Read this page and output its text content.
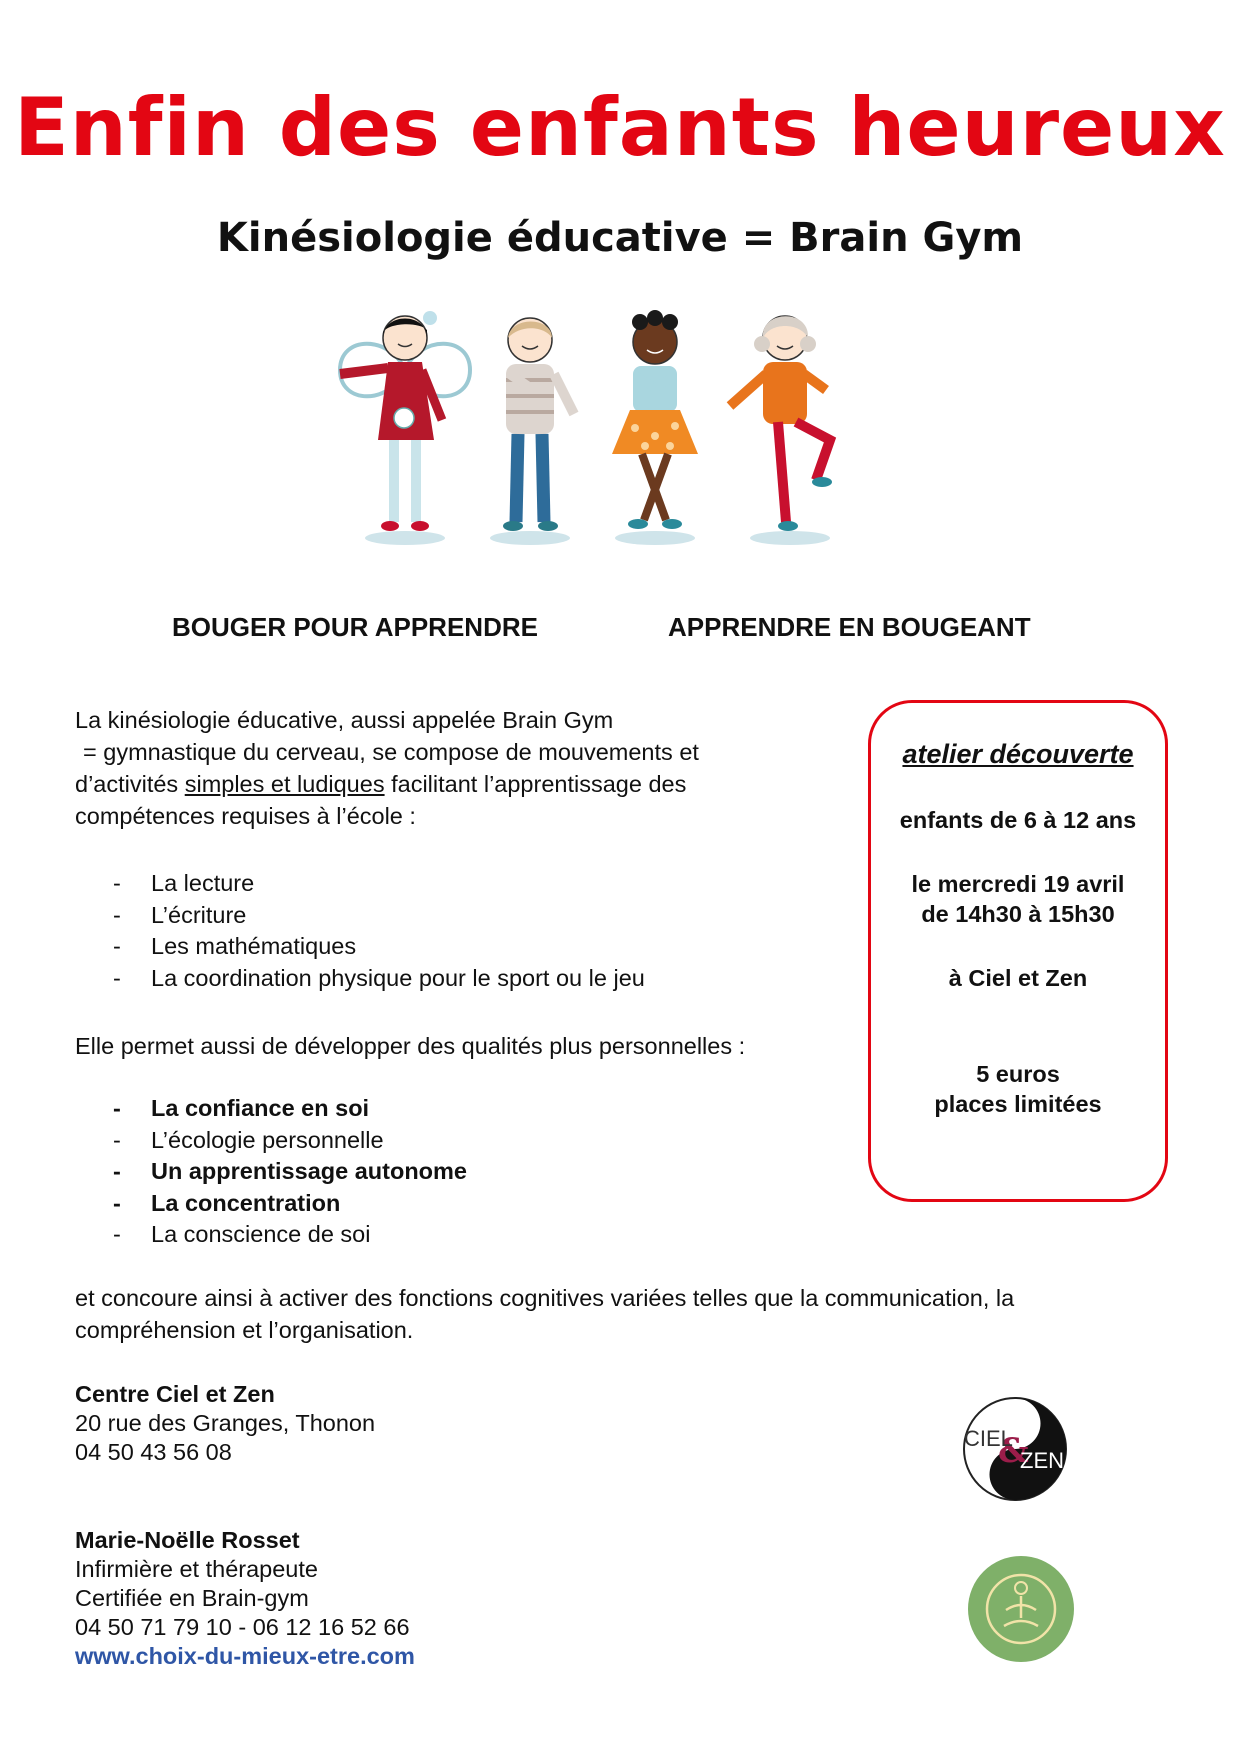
Enfin des enfants heureux
Kinésiologie éducative = Brain Gym
BOUGER POUR APPRENDRE	APPRENDRE EN BOUGEANT

La kinésiologie éducative, aussi appelée Brain Gym

= gymnastique du cerveau, se compose de mouvements et

d’activités simples et ludiques facilitant l’apprentissage des

compétences requises à l’école :

- La lecture
- L’écriture
- Les mathématiques
- La coordination physique pour le sport ou le jeu

Elle permet aussi de développer des qualités plus personnelles :

- La confiance en soi
- L’écologie personnelle
- Un apprentissage autonome
- La concentration
- La conscience de soi
et concoure ainsi à activer des fonctions cognitives variées telles que la communication, la
compréhension et l’organisation.
atelier découverte
enfants de 6 à 12 ans
le mercredi 19 avril
de 14h30 à 15h30
à Ciel et Zen
5 euros
places limitées
Centre Ciel et Zen
20 rue des Granges, Thonon
04 50 43 56 08
Marie-Noëlle Rosset
Infirmière et thérapeute
Certifiée en Brain-gym
04 50 71 79 10 - 06 12 16 52 66
www.choix-du-mieux-etre.com
&
CIEL
ZEN
